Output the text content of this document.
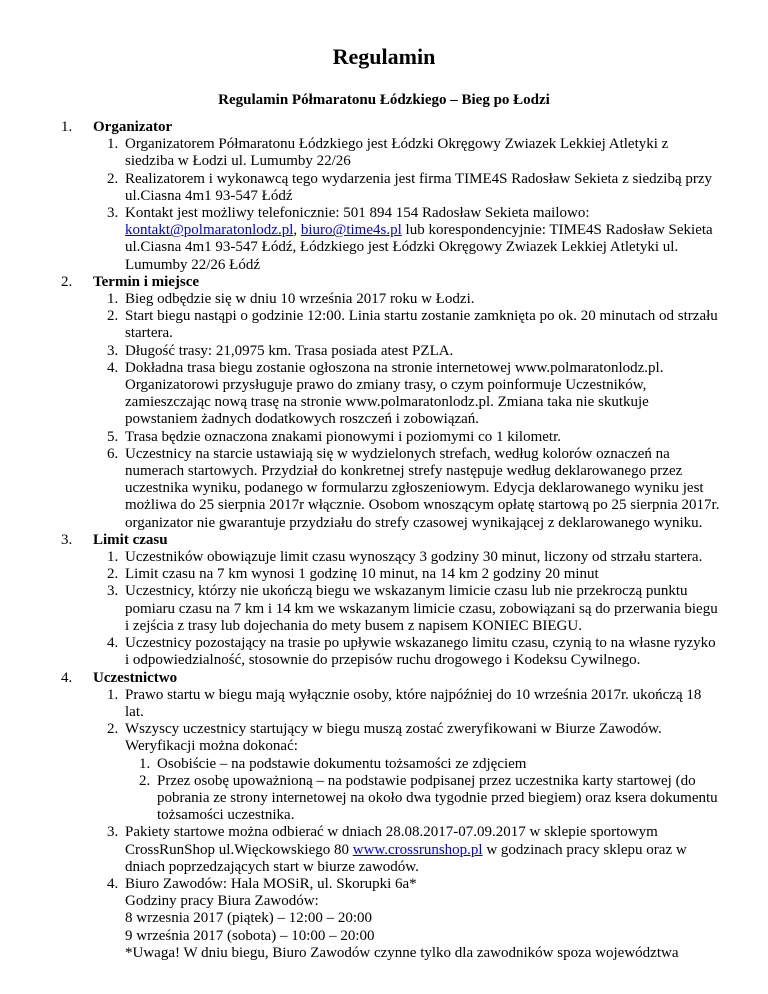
Regulamin
Regulamin Półmaratonu Łódzkiego – Bieg po Łodzi
1. Organizator
1. Organizatorem Półmaratonu Łódzkiego jest Łódzki Okręgowy Zwiazek Lekkiej Atletyki z siedziba w Łodzi ul. Lumumby 22/26
2. Realizatorem i wykonawcą tego wydarzenia jest firma TIME4S Radosław Sekieta z siedzibą przy ul.Ciasna 4m1 93-547 Łódź
3. Kontakt jest możliwy telefonicznie: 501 894 154 Radosław Sekieta mailowo: kontakt@polmaratonlodz.pl, biuro@time4s.pl lub korespondencyjnie: TIME4S Radosław Sekieta ul.Ciasna 4m1 93-547 Łódź, Łódzkiego jest Łódzki Okręgowy Zwiazek Lekkiej Atletyki ul. Lumumby 22/26 Łódź
2. Termin i miejsce
1. Bieg odbędzie się w dniu 10 września 2017 roku w Łodzi.
2. Start biegu nastąpi o godzinie 12:00. Linia startu zostanie zamknięta po ok. 20 minutach od strzału startera.
3. Długość trasy: 21,0975 km. Trasa posiada atest PZLA.
4. Dokładna trasa biegu zostanie ogłoszona na stronie internetowej www.polmaratonlodz.pl. Organizatorowi przysługuje prawo do zmiany trasy, o czym poinformuje Uczestników, zamieszczając nową trasę na stronie www.polmaratonlodz.pl. Zmiana taka nie skutkuje powstaniem żadnych dodatkowych roszczeń i zobowiązań.
5. Trasa będzie oznaczona znakami pionowymi i poziomymi co 1 kilometr.
6. Uczestnicy na starcie ustawiają się w wydzielonych strefach, według kolorów oznaczeń na numerach startowych. Przydział do konkretnej strefy następuje według deklarowanego przez uczestnika wyniku, podanego w formularzu zgłoszeniowym. Edycja deklarowanego wyniku jest możliwa do 25 sierpnia 2017r włącznie. Osobom wnoszącym opłatę startową po 25 sierpnia 2017r. organizator nie gwarantuje przydziału do strefy czasowej wynikającej z deklarowanego wyniku.
3. Limit czasu
1. Uczestników obowiązuje limit czasu wynoszący 3 godziny 30 minut, liczony od strzału startera.
2. Limit czasu na 7 km wynosi 1 godzinę 10 minut, na 14 km 2 godziny 20 minut
3. Uczestnicy, którzy nie ukończą biegu we wskazanym limicie czasu lub nie przekroczą punktu pomiaru czasu na 7 km i 14 km we wskazanym limicie czasu, zobowiązani są do przerwania biegu i zejścia z trasy lub dojechania do mety busem z napisem KONIEC BIEGU.
4. Uczestnicy pozostający na trasie po upływie wskazanego limitu czasu, czynią to na własne ryzyko i odpowiedzialność, stosownie do przepisów ruchu drogowego i Kodeksu Cywilnego.
4. Uczestnictwo
1. Prawo startu w biegu mają wyłącznie osoby, które najpóźniej do 10 września 2017r. ukończą 18 lat.
2. Wszyscy uczestnicy startujący w biegu muszą zostać zweryfikowani w Biurze Zawodów. Weryfikacji można dokonać:
1. Osobiście – na podstawie dokumentu tożsamości ze zdjęciem
2. Przez osobę upoważnioną – na podstawie podpisanej przez uczestnika karty startowej (do pobrania ze strony internetowej na około dwa tygodnie przed biegiem) oraz ksera dokumentu tożsamości uczestnika.
3. Pakiety startowe można odbierać w dniach 28.08.2017-07.09.2017 w sklepie sportowym CrossRunShop ul.Więckowskiego 80 www.crossrunshop.pl w godzinach pracy sklepu oraz w dniach poprzedzających start w biurze zawodów.
4. Biuro Zawodów: Hala MOSiR, ul. Skorupki 6a*
Godziny pracy Biura Zawodów:
8 wrzesnia 2017 (piątek) – 12:00 – 20:00
9 września 2017 (sobota) – 10:00 – 20:00
*Uwaga! W dniu biegu, Biuro Zawodów czynne tylko dla zawodników spoza województwa
